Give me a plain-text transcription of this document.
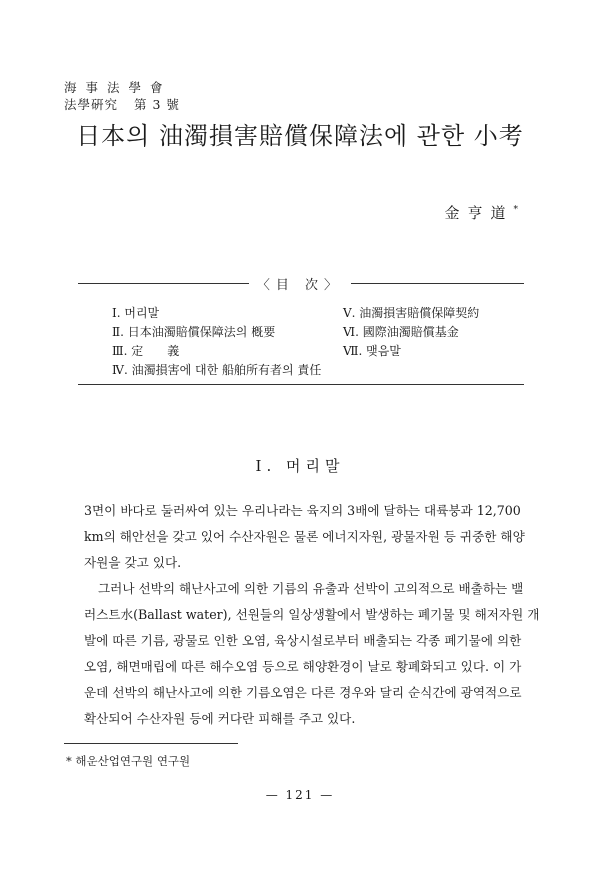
海事法學會
法學硏究 第 3 號
日本의 油濁損害賠償保障法에 관한 小考
金亨道*
〈目 次〉
Ⅰ. 머리말
Ⅱ. 日本油濁賠償保障法의 槪要
Ⅲ. 定　　義
Ⅳ. 油濁損害에 대한 船舶所有者의 責任
Ⅴ. 油濁損害賠償保障契約
Ⅵ. 國際油濁賠償基金
Ⅶ. 맺음말
Ⅰ. 머리말
3면이 바다로 둘러싸여 있는 우리나라는 육지의 3배에 달하는 대륙붕과 12,700
km의 해안선을 갖고 있어 수산자원은 물론 에너지자원, 광물자원 등 귀중한 해양
자원을 갖고 있다.
그러나 선박의 해난사고에 의한 기름의 유출과 선박이 고의적으로 배출하는 밸
러스트水(Ballast water), 선원들의 일상생활에서 발생하는 폐기물 및 해저자원 개
발에 따른 기름, 광물로 인한 오염, 육상시설로부터 배출되는 각종 폐기물에 의한
오염, 해면매립에 따른 해수오염 등으로 해양환경이 날로 황폐화되고 있다. 이 가
운데 선박의 해난사고에 의한 기름오염은 다른 경우와 달리 순식간에 광역적으로
확산되어 수산자원 등에 커다란 피해를 주고 있다.
* 해운산업연구원 연구원
— 121 —
